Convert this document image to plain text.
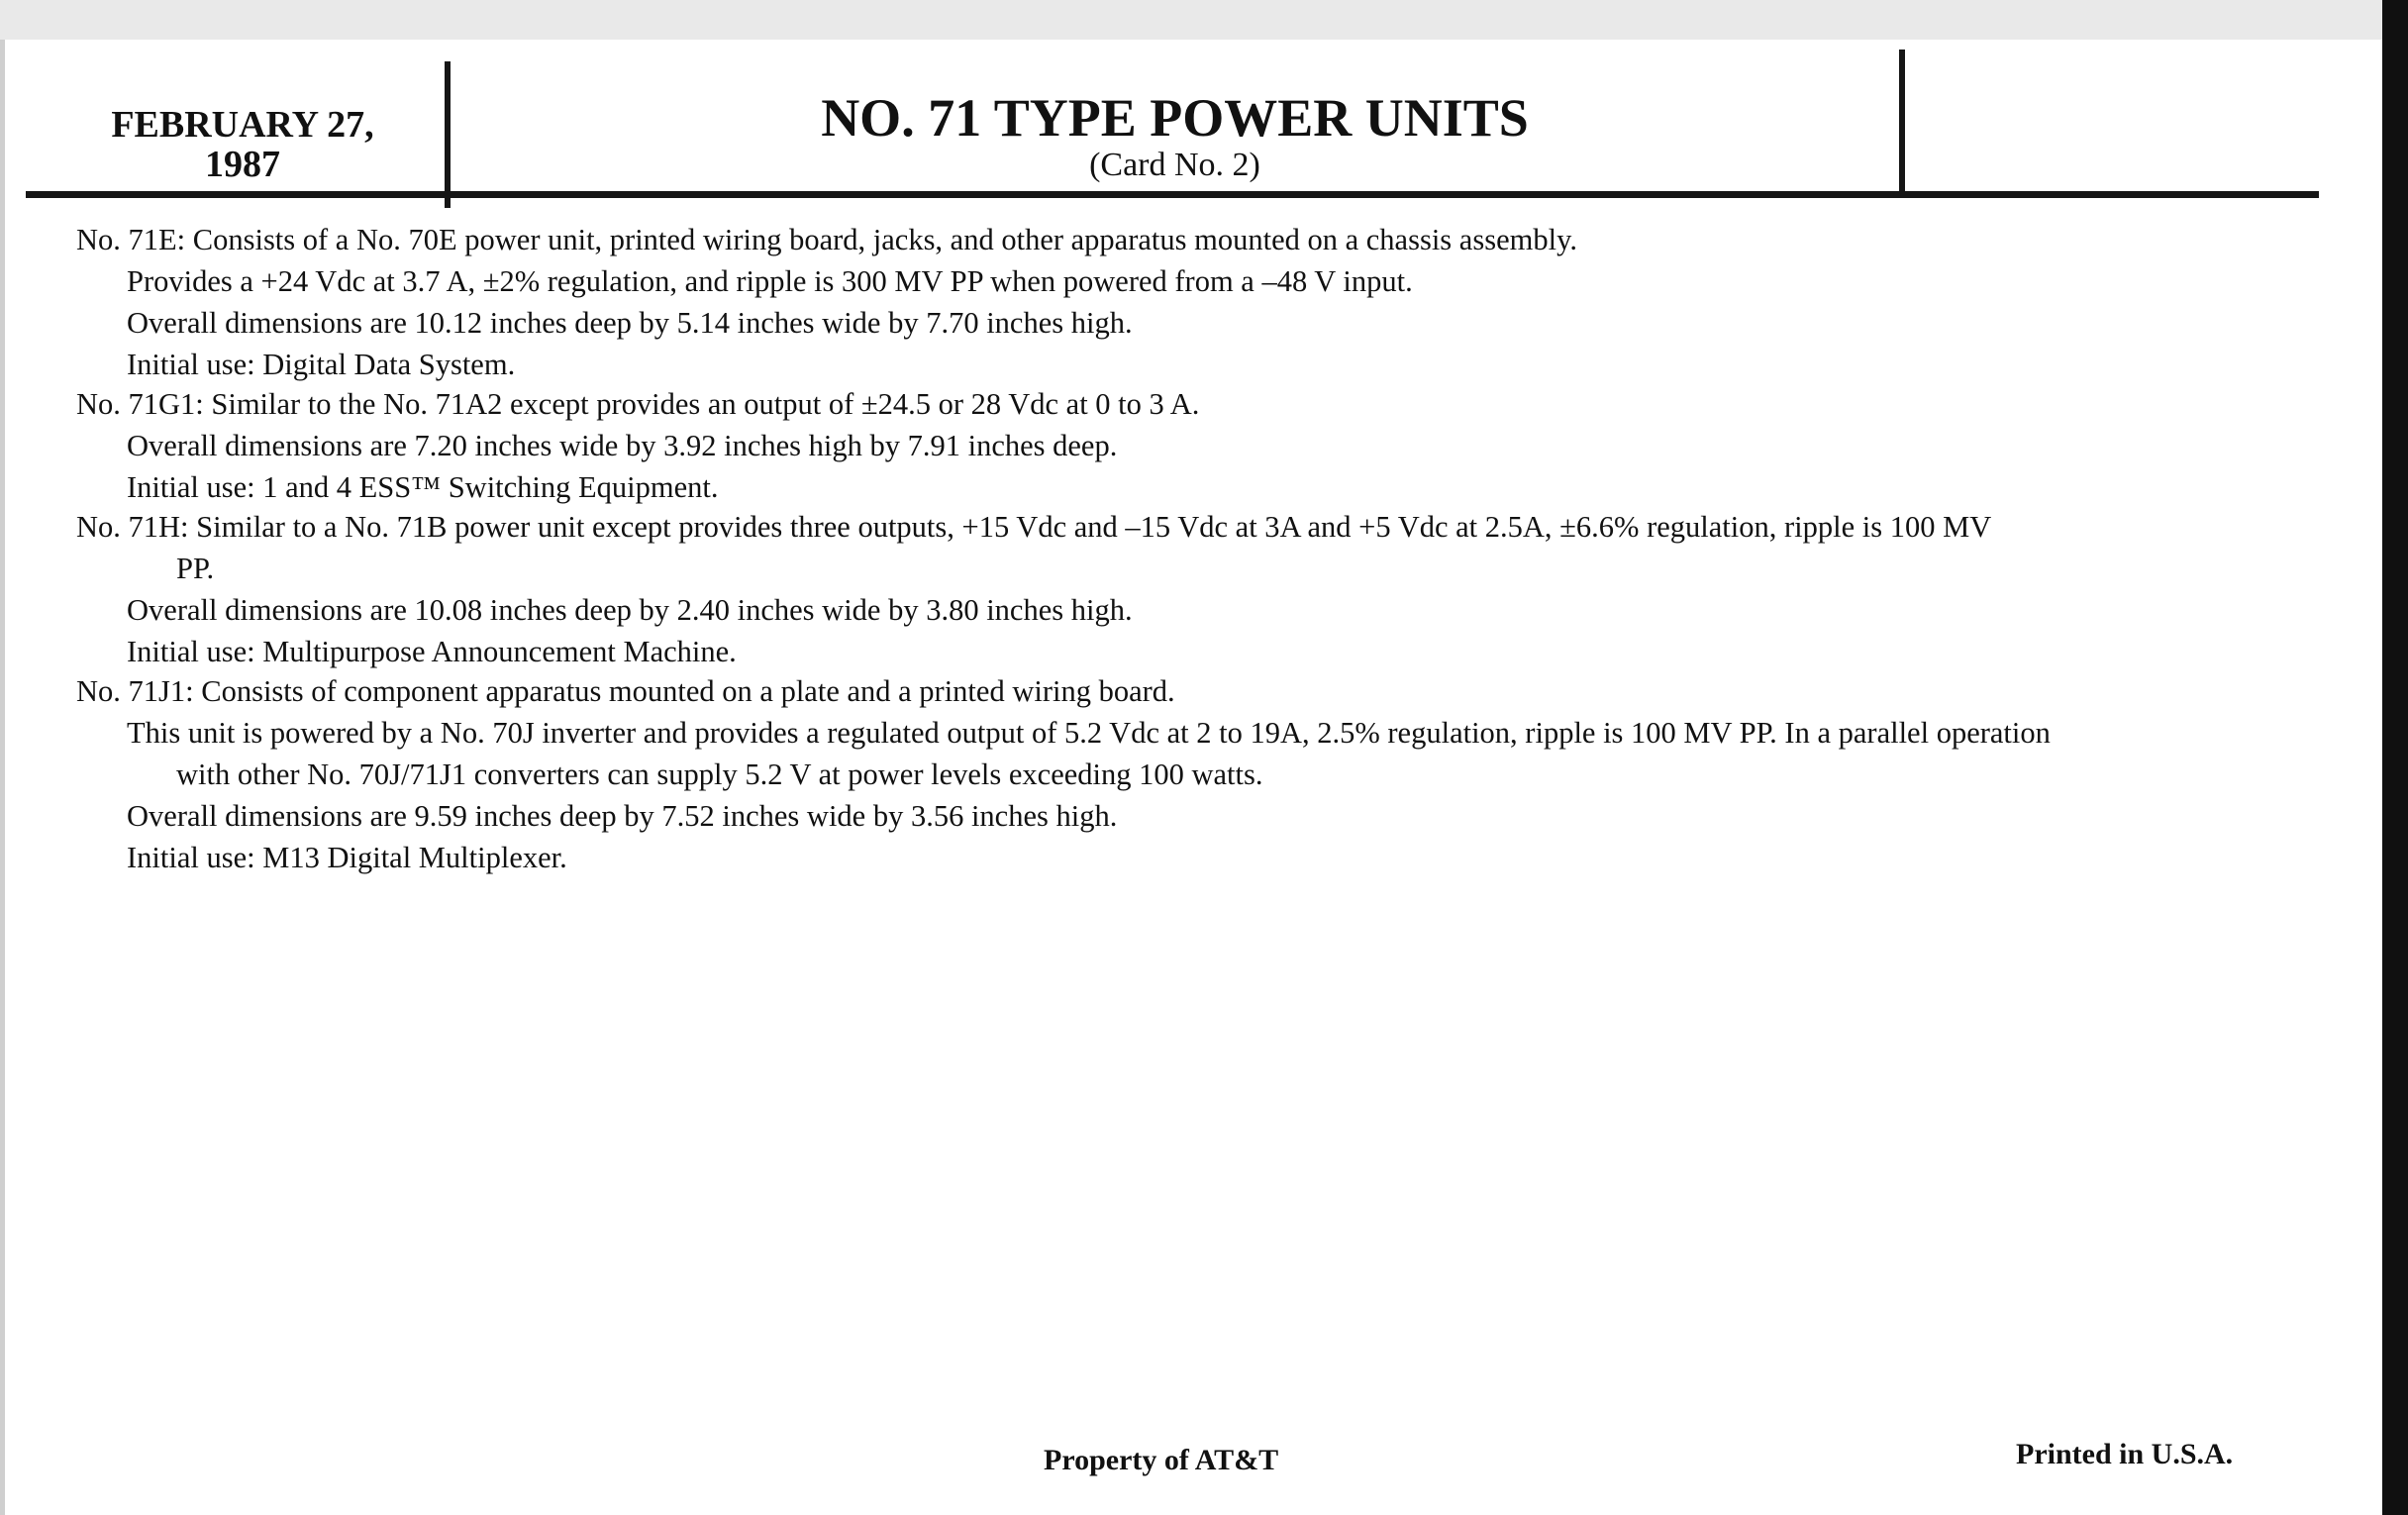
FEBRUARY 27,
1987
NO. 71 TYPE POWER UNITS
(Card No. 2)
No. 71E: Consists of a No. 70E power unit, printed wiring board, jacks, and other apparatus mounted on a chassis assembly.
Provides a +24 Vdc at 3.7 A, ±2% regulation, and ripple is 300 MV PP when powered from a –48 V input.
Overall dimensions are 10.12 inches deep by 5.14 inches wide by 7.70 inches high.
Initial use: Digital Data System.
No. 71G1: Similar to the No. 71A2 except provides an output of ±24.5 or 28 Vdc at 0 to 3 A.
Overall dimensions are 7.20 inches wide by 3.92 inches high by 7.91 inches deep.
Initial use: 1 and 4 ESS™ Switching Equipment.
No. 71H: Similar to a No. 71B power unit except provides three outputs, +15 Vdc and –15 Vdc at 3A and +5 Vdc at 2.5A, ±6.6% regulation, ripple is 100 MV
PP.
Overall dimensions are 10.08 inches deep by 2.40 inches wide by 3.80 inches high.
Initial use: Multipurpose Announcement Machine.
No. 71J1: Consists of component apparatus mounted on a plate and a printed wiring board.
This unit is powered by a No. 70J inverter and provides a regulated output of 5.2 Vdc at 2 to 19A, 2.5% regulation, ripple is 100 MV PP. In a parallel operation
with other No. 70J/71J1 converters can supply 5.2 V at power levels exceeding 100 watts.
Overall dimensions are 9.59 inches deep by 7.52 inches wide by 3.56 inches high.
Initial use: M13 Digital Multiplexer.
Property of AT&T	Printed in U.S.A.
